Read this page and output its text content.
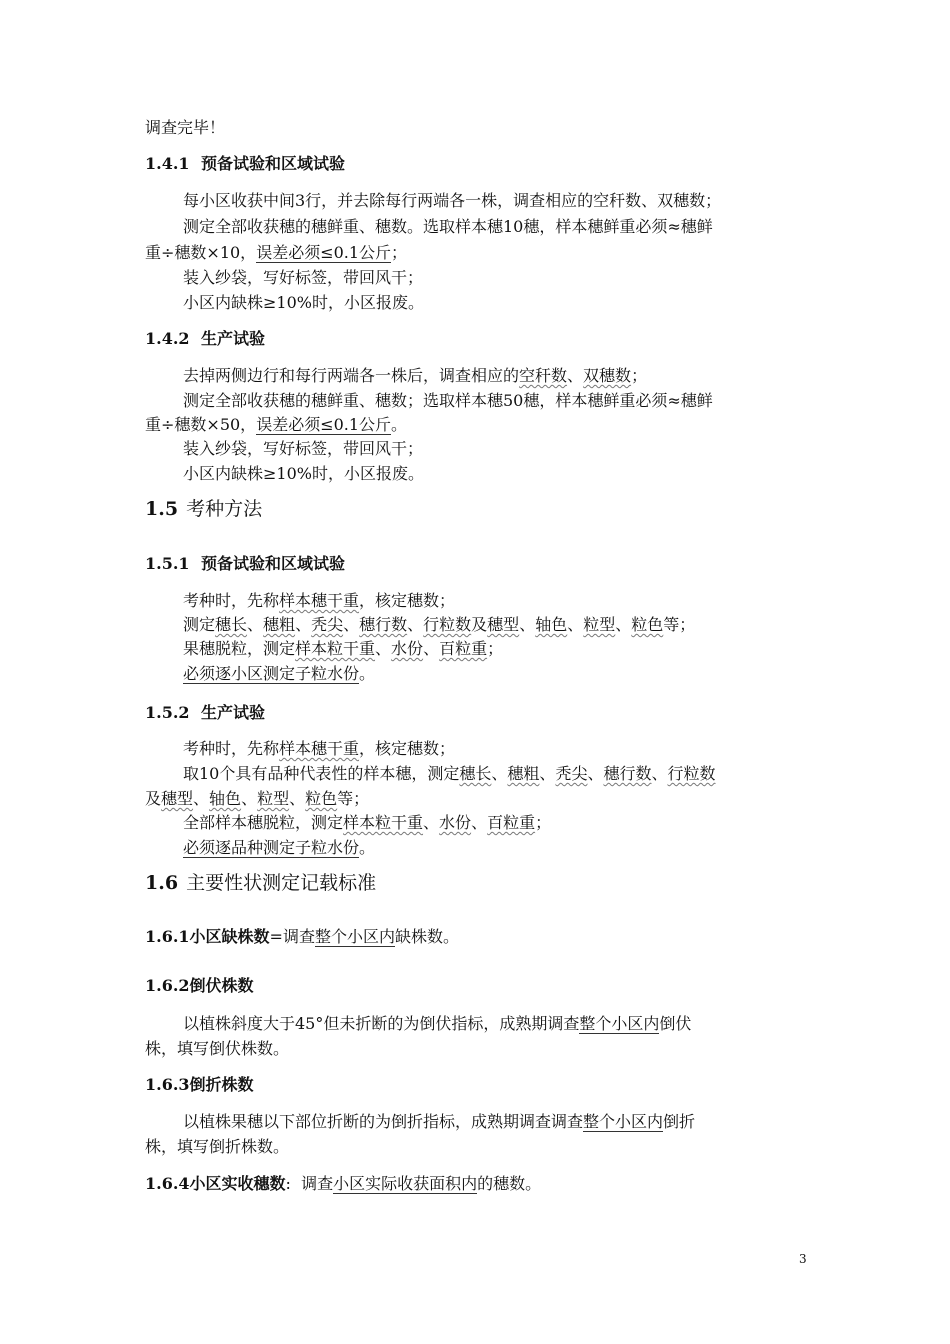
调查完毕！
1.4.1 预备试验和区域试验
每小区收获中间3行，并去除每行两端各一株，调查相应的空秆数、双穗数；
测定全部收获穗的穗鲜重、穗数。选取样本穗10穗，样本穗鲜重必须≈穗鲜
重÷穗数×10，误差必须≤0.1公斤；
装入纱袋，写好标签，带回风干；
小区内缺株≥10%时，小区报废。
1.4.2 生产试验
去掉两侧边行和每行两端各一株后，调查相应的空秆数、双穗数；
测定全部收获穗的穗鲜重、穗数；选取样本穗50穗，样本穗鲜重必须≈穗鲜
重÷穗数×50，误差必须≤0.1公斤。
装入纱袋，写好标签，带回风干；
小区内缺株≥10%时，小区报废。
1.5 考种方法
1.5.1 预备试验和区域试验
考种时，先称样本穗干重，核定穗数；
测定穗长、穗粗、秃尖、穗行数、行粒数及穗型、轴色、粒型、粒色等；
果穗脱粒，测定样本粒干重、水份、百粒重；
必须逐小区测定子粒水份。
1.5.2 生产试验
考种时，先称样本穗干重，核定穗数；
取10个具有品种代表性的样本穗，测定穗长、穗粗、秃尖、穗行数、行粒数
及穗型、轴色、粒型、粒色等；
全部样本穗脱粒，测定样本粒干重、水份、百粒重；
必须逐品种测定子粒水份。
1.6 主要性状测定记载标准
1.6.1小区缺株数=调查整个小区内缺株数。
1.6.2倒伏株数
以植株斜度大于45°但未折断的为倒伏指标，成熟期调查整个小区内倒伏
株，填写倒伏株数。
1.6.3倒折株数
以植株果穗以下部位折断的为倒折指标，成熟期调查调查整个小区内倒折
株，填写倒折株数。
1.6.4小区实收穗数:  调查小区实际收获面积内的穗数。
3
